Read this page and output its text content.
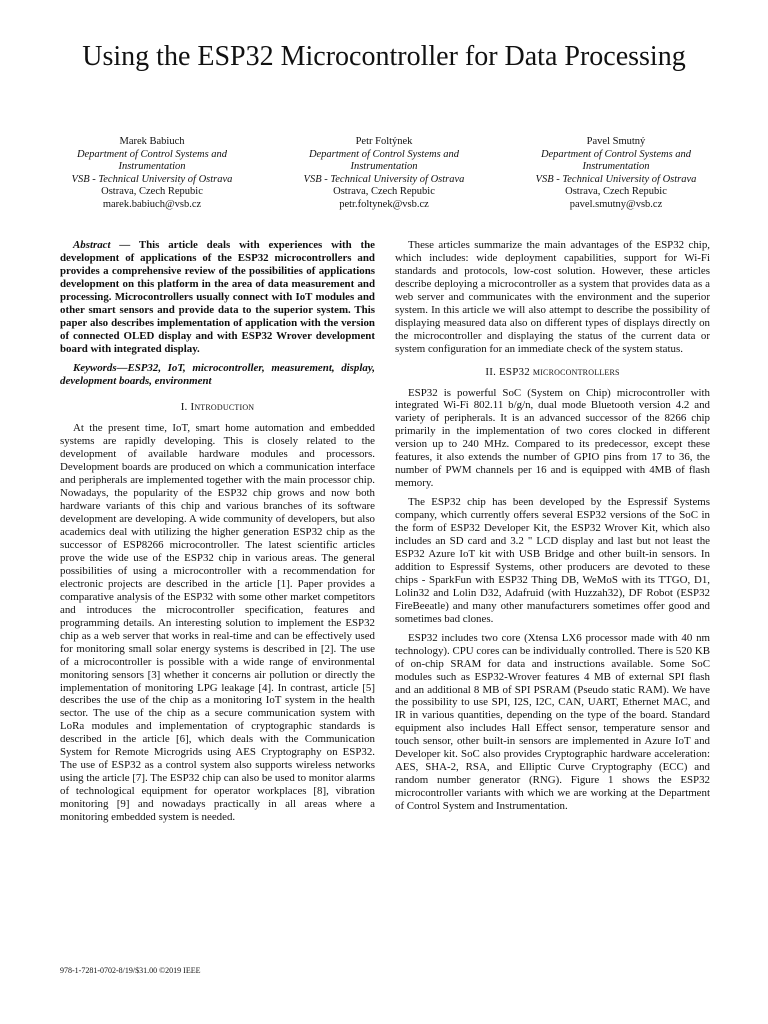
Using the ESP32 Microcontroller for Data Processing
Marek Babiuch
Department of Control Systems and Instrumentation
VSB - Technical University of Ostrava
Ostrava, Czech Repubic
marek.babiuch@vsb.cz
Petr Foltýnek
Department of Control Systems and Instrumentation
VSB - Technical University of Ostrava
Ostrava, Czech Repubic
petr.foltynek@vsb.cz
Pavel Smutný
Department of Control Systems and Instrumentation
VSB - Technical University of Ostrava
Ostrava, Czech Repubic
pavel.smutny@vsb.cz

Abstract — This article deals with experiences with the development of applications of the ESP32 microcontrollers and provides a comprehensive review of the possibilities of applications development on this platform in the area of data measurement and processing. Microcontrollers usually connect with IoT modules and other smart sensors and provide data to the superior system. This paper also describes implementation of application with the version of connected OLED display and with ESP32 Wrover development board with integrated display.

Keywords—ESP32, IoT, microcontroller, measurement, display, development boards, environment

I. Introduction

At the present time, IoT, smart home automation and embedded systems are rapidly developing. This is closely related to the development of available hardware modules and processors. Development boards are produced on which a communication interface and peripherals are implemented together with the main processor chip. Nowadays, the popularity of the ESP32 chip grows and now both hardware variants of this chip and various branches of its software development are developing. A wide community of developers, but also academics deal with utilizing the higher generation ESP32 chip as the successor of ESP8266 microcontroller. The latest scientific articles prove the wide use of the ESP32 chip in various areas. The general possibilities of using a microcontroller with a recommendation for electronic projects are described in the article [1]. Paper provides a comparative analysis of the ESP32 with some other market competitors and introduces the microcontroller specification, features and programming details. An interesting solution to implement the ESP32 chip as a web server that works in real-time and can be effectively used for monitoring small solar energy systems is described in [2]. The use of a microcontroller is possible with a wide range of environmental monitoring sensors [3] whether it concerns air pollution or directly the implementation of monitoring LPG leakage [4]. In contrast, article [5] describes the use of the chip as a monitoring IoT system in the health sector. The use of the chip as a secure communication system with LoRa modules and implementation of cryptographic standards is described in the article [6], which deals with the Communication System for Remote Microgrids using AES Cryptography on ESP32. The use of ESP32 as a control system also supports wireless networks using the article [7]. The ESP32 chip can also be used to monitor alarms of technological equipment for operator workplaces [8], vibration monitoring [9] and nowadays practically in all areas where a monitoring embedded system is needed.

These articles summarize the main advantages of the ESP32 chip, which includes: wide deployment capabilities, support for Wi-Fi standards and protocols, low-cost solution. However, these articles describe deploying a microcontroller as a system that provides data as a web server and communicates with the environment and the superior system. In this article we will also attempt to describe the possibility of displaying measured data also on different types of displays directly on the microcontroller and displaying the status of the current data or system configuration for an immediate check of the system status.

II. ESP32 microcontrollers

ESP32 is powerful SoC (System on Chip) microcontroller with integrated Wi-Fi 802.11 b/g/n, dual mode Bluetooth version 4.2 and variety of peripherals. It is an advanced successor of the 8266 chip primarily in the implementation of two cores clocked in different version up to 240 MHz. Compared to its predecessor, except these features, it also extends the number of GPIO pins from 17 to 36, the number of PWM channels per 16 and is equipped with 4MB of flash memory.

The ESP32 chip has been developed by the Espressif Systems company, which currently offers several ESP32 versions of the SoC in the form of ESP32 Developer Kit, the ESP32 Wrover Kit, which also includes an SD card and 3.2 " LCD display and last but not least the ESP32 Azure IoT kit with USB Bridge and other built-in sensors. In addition to Espressif Systems, other producers are devoted to these chips - SparkFun with ESP32 Thing DB, WeMoS with its TTGO, D1, Lolin32 and Lolin D32, Adafruid (with Huzzah32), DF Robot (ESP32 FireBeeatle) and many other manufacturers sometimes offer good and sometimes bad clones.

ESP32 includes two core (Xtensa LX6 processor made with 40 nm technology). CPU cores can be individually controlled. There is 520 KB of on-chip SRAM for data and instructions available. Some SoC modules such as ESP32-Wrover features 4 MB of external SPI flash and an additional 8 MB of SPI PSRAM (Pseudo static RAM). We have the possibility to use SPI, I2S, I2C, CAN, UART, Ethernet MAC, and IR in various quantities, depending on the type of the board. Standard equipment also includes Hall Effect sensor, temperature sensor and touch sensor, other built-in sensors are implemented in Azure IoT and Developer kit. SoC also provides Cryptographic hardware acceleration: AES, SHA-2, RSA, and Elliptic Curve Cryptography (ECC) and random number generator (RNG). Figure 1 shows the ESP32 microcontroller variants with which we are working at the Department of Control System and Instrumentation.

978-1-7281-0702-8/19/$31.00 ©2019 IEEE
